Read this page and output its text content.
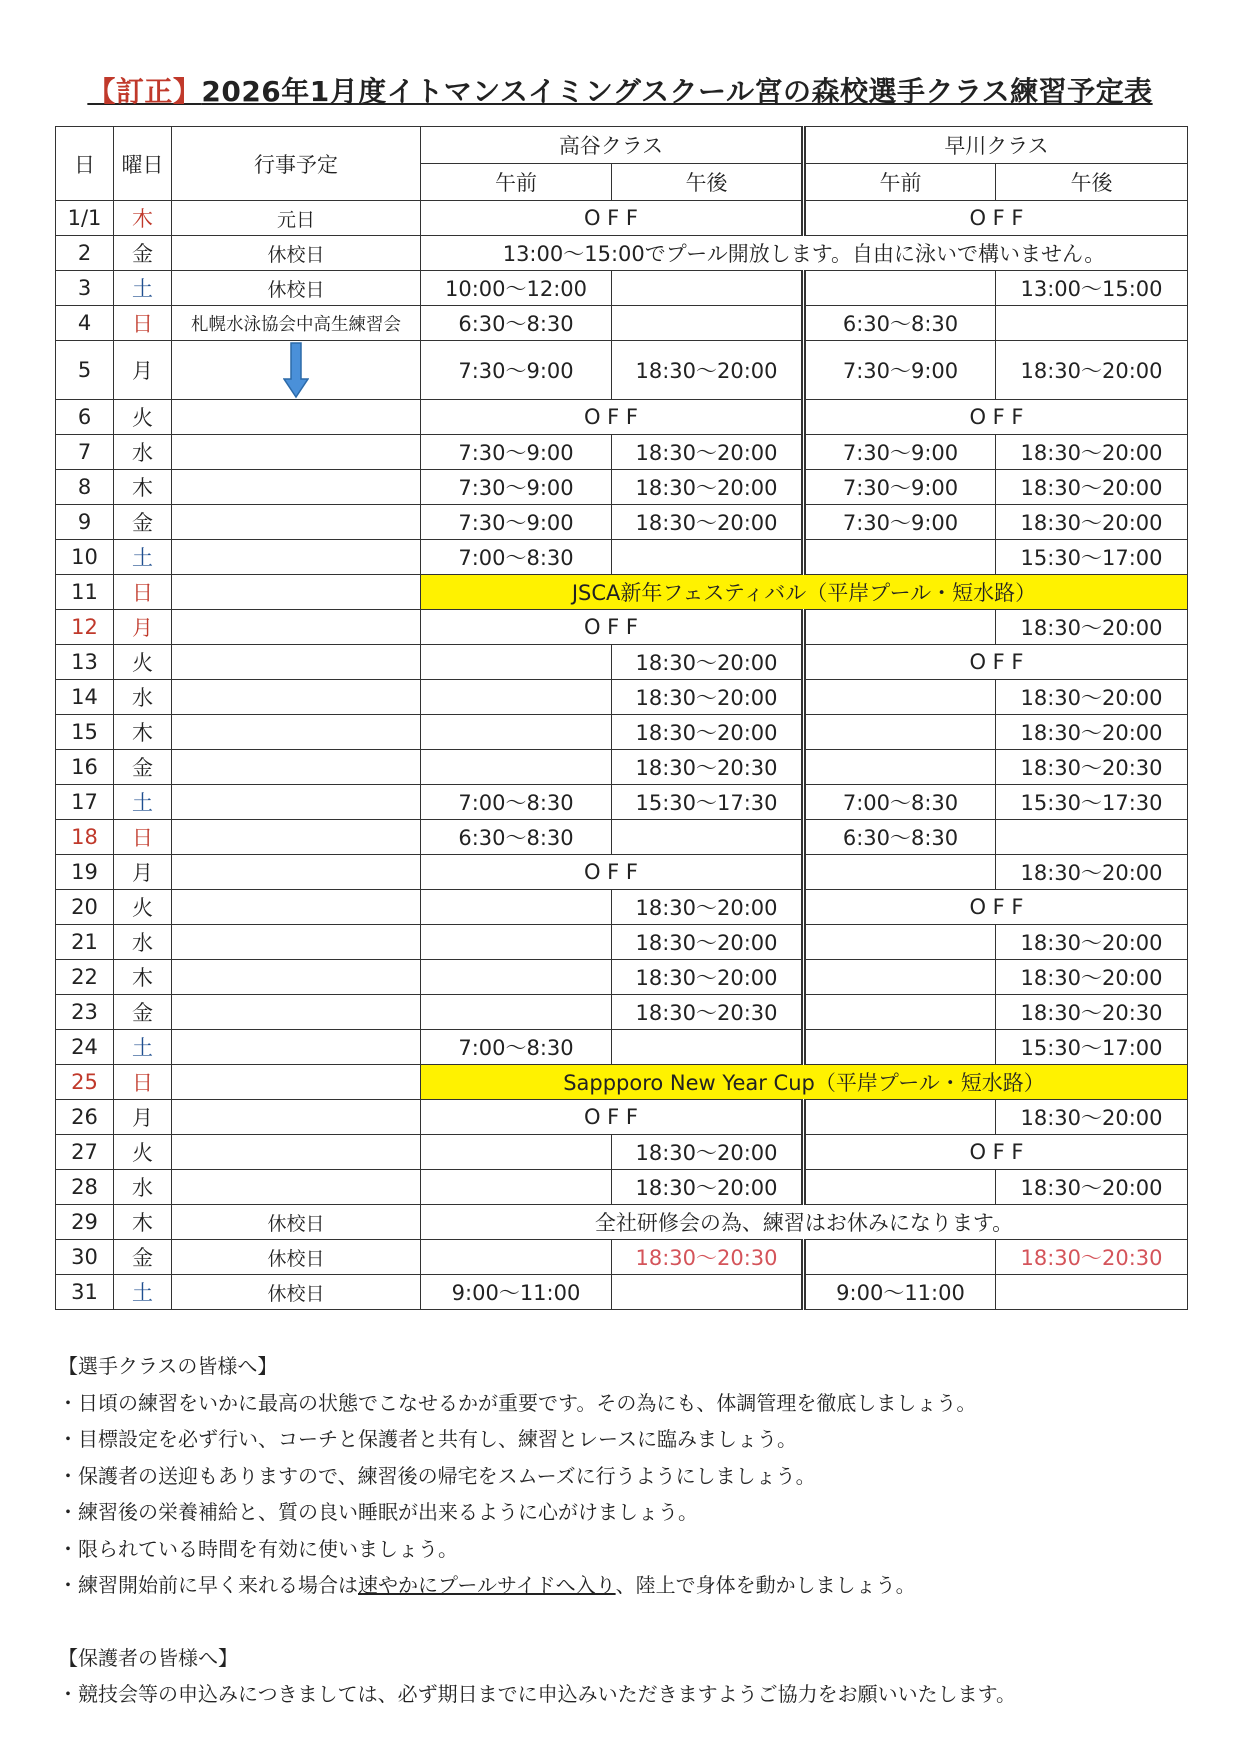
【訂正】2026年1月度イトマンスイミングスクール宮の森校選手クラス練習予定表
日	曜日	行事予定	高谷クラス		早川クラス	
			午前	午後	午前	午後
1/1	木	元日	O F F		O F F	
2	金	休校日	13:00～15:00でプール開放します。自由に泳いで構いません。			
3	土	休校日	10:00～12:00			13:00～15:00
4	日	札幌水泳協会中高生練習会	6:30～8:30		6:30～8:30	
5	月		7:30～9:00	18:30～20:00	7:30～9:00	18:30～20:00
6	火		O F F		O F F	
7	水		7:30～9:00	18:30～20:00	7:30～9:00	18:30～20:00
8	木		7:30～9:00	18:30～20:00	7:30～9:00	18:30～20:00
9	金		7:30～9:00	18:30～20:00	7:30～9:00	18:30～20:00
10	土		7:00～8:30			15:30～17:00
11	日		JSCA新年フェスティバル（平岸プール・短水路）			
12	月		O F F			18:30～20:00
13	火			18:30～20:00	O F F	
14	水			18:30～20:00		18:30～20:00
15	木			18:30～20:00		18:30～20:00
16	金			18:30～20:30		18:30～20:30
17	土		7:00～8:30	15:30～17:30	7:00～8:30	15:30～17:30
18	日		6:30～8:30		6:30～8:30	
19	月		O F F			18:30～20:00
20	火			18:30～20:00	O F F	
21	水			18:30～20:00		18:30～20:00
22	木			18:30～20:00		18:30～20:00
23	金			18:30～20:30		18:30～20:30
24	土		7:00～8:30			15:30～17:00
25	日		Sappporo New Year Cup（平岸プール・短水路）			
26	月		O F F			18:30～20:00
27	火			18:30～20:00	O F F	
28	水			18:30～20:00		18:30～20:00
29	木	休校日	全社研修会の為、練習はお休みになります。			
30	金	休校日		18:30～20:30		18:30～20:30
31	土	休校日	9:00～11:00		9:00～11:00	

【選手クラスの皆様へ】

・日頃の練習をいかに最高の状態でこなせるかが重要です。その為にも、体調管理を徹底しましょう。

・目標設定を必ず行い、コーチと保護者と共有し、練習とレースに臨みましょう。

・保護者の送迎もありますので、練習後の帰宅をスムーズに行うようにしましょう。

・練習後の栄養補給と、質の良い睡眠が出来るように心がけましょう。

・限られている時間を有効に使いましょう。

・練習開始前に早く来れる場合は速やかにプールサイドへ入り、陸上で身体を動かしましょう。

【保護者の皆様へ】

・競技会等の申込みにつきましては、必ず期日までに申込みいただきますようご協力をお願いいたします。
